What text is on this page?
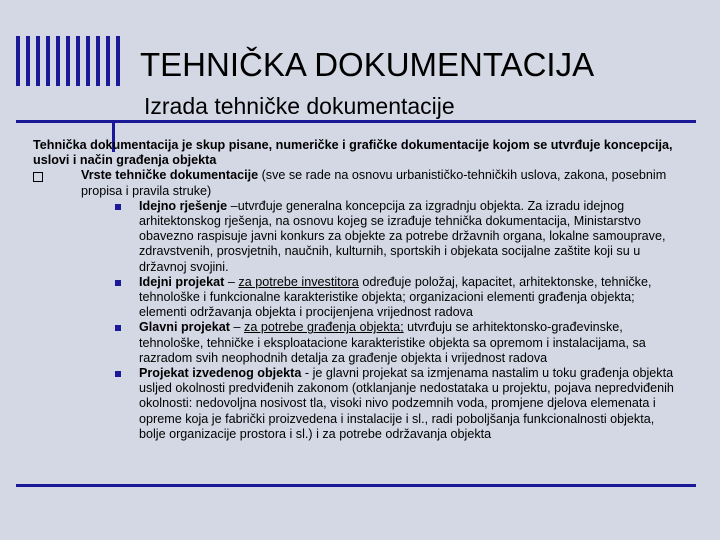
TEHNIČKA DOKUMENTACIJA
Izrada tehničke dokumentacije
Tehnička dokumentacija je skup pisane, numeričke i grafičke dokumentacije kojom se utvrđuje koncepcija, uslovi i način građenja objekta
Vrste tehničke dokumentacije (sve se rade na osnovu urbanističko-tehničkih uslova, zakona, posebnim propisa i pravila struke)
Idejno rješenje –utvrđuje generalna koncepcija za izgradnju objekta. Za izradu idejnog arhitektonskog rješenja, na osnovu kojeg se izrađuje tehnička dokumentacija, Ministarstvo obavezno raspisuje javni konkurs za objekte za potrebe državnih organa, lokalne samouprave, zdravstvenih, prosvjetnih, naučnih, kulturnih, sportskih i objekata socijalne zaštite koji su u državnoj svojini.
Idejni projekat – za potrebe investitora određuje položaj, kapacitet, arhitektonske, tehničke, tehnološke i funkcionalne karakteristike objekta; organizacioni elementi građenja objekta; elementi održavanja objekta i procijenjena vrijednost radova
Glavni projekat – za potrebe građenja objekta; utvrđuju se arhitektonsko-građevinske, tehnološke, tehničke i eksploatacione karakteristike objekta sa opremom i instalacijama, sa razradom svih neophodnih detalja za građenje objekta i vrijednost radova
Projekat izvedenog objekta - je glavni projekat sa izmjenama nastalim u toku građenja objekta usljed okolnosti predviđenih zakonom (otklanjanje nedostataka u projektu, pojava nepredviđenih okolnosti: nedovoljna nosivost tla, visoki nivo podzemnih voda, promjene djelova elemenata i opreme koja je fabrički proizvedena i instalacije i sl., radi poboljšanja funkcionalnosti objekta, bolje organizacije prostora i sl.) i za potrebe održavanja objekta
